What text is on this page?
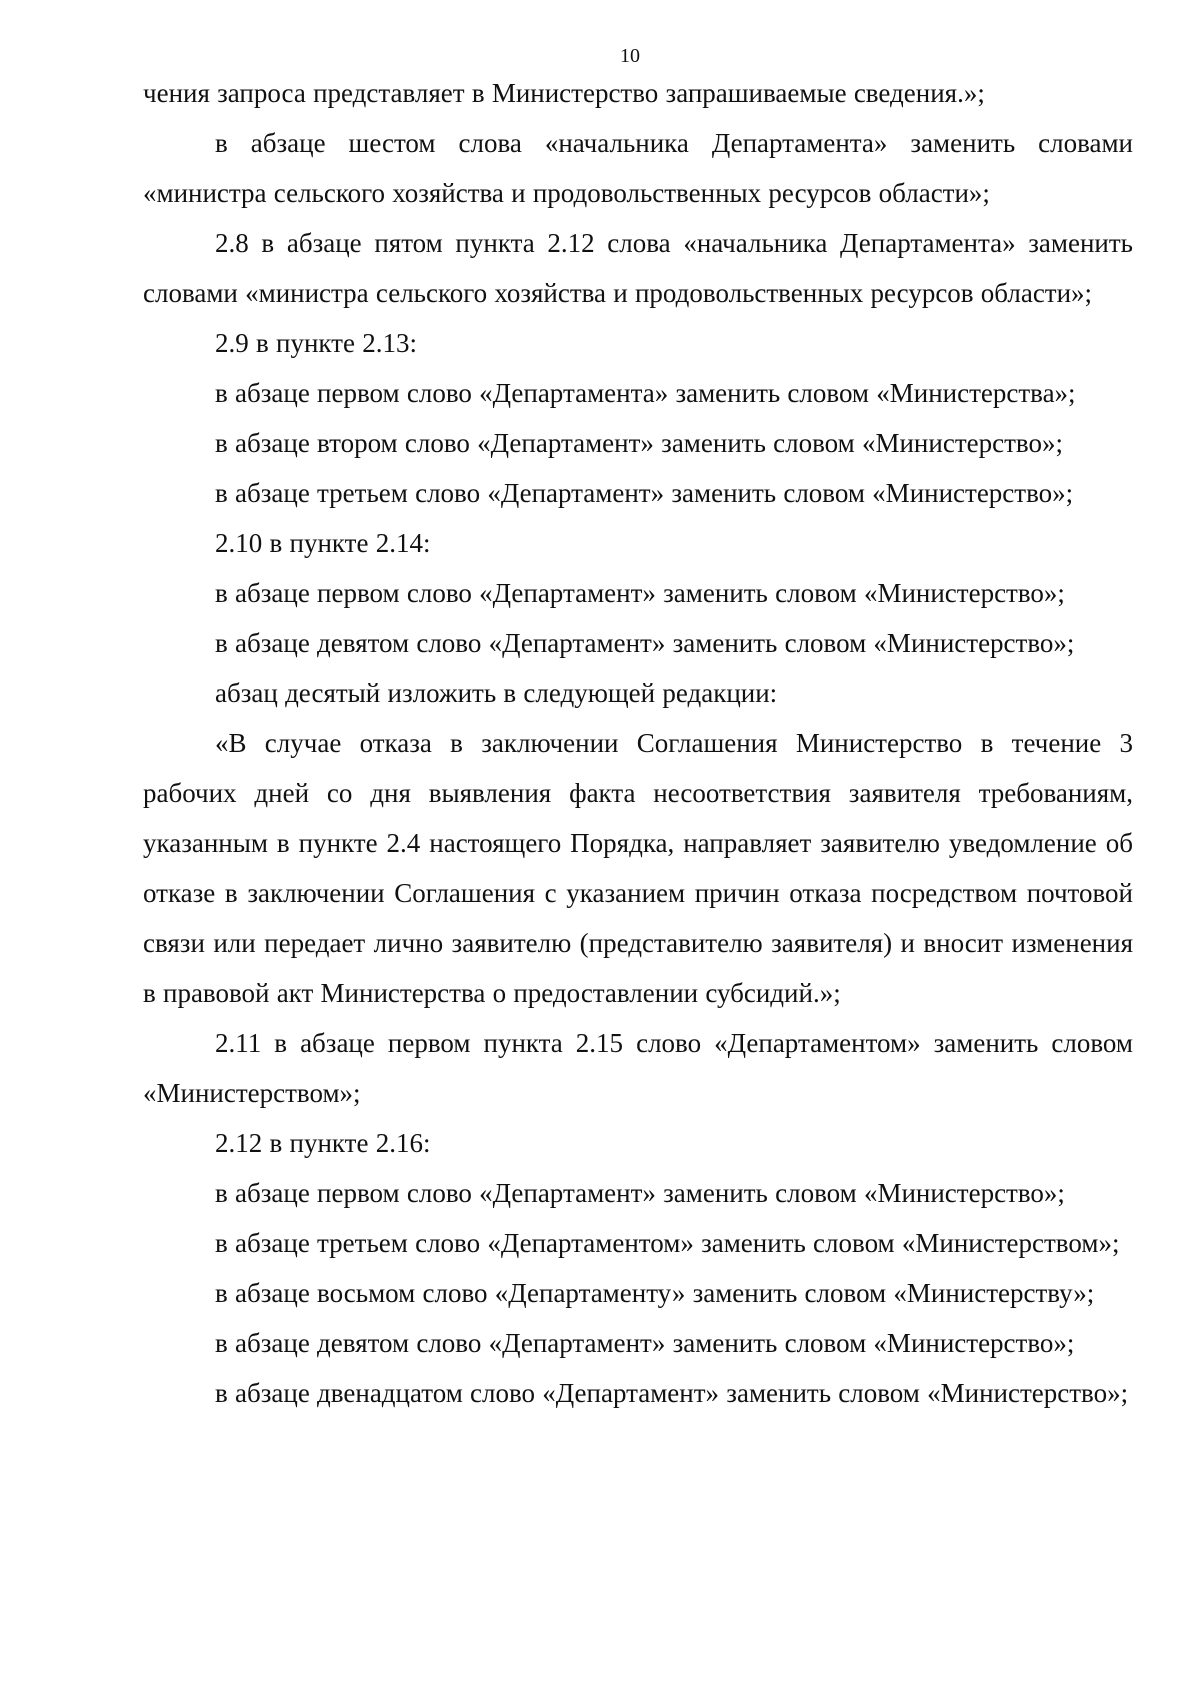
10

чения запроса представляет в Министерство запрашиваемые сведения.»;

в абзаце шестом слова «начальника Департамента» заменить словами «министра сельского хозяйства и продовольственных ресурсов области»;

2.8 в абзаце пятом пункта 2.12 слова «начальника Департамента» заменить словами «министра сельского хозяйства и продовольственных ресурсов области»;

2.9 в пункте 2.13:

в абзаце первом слово «Департамента» заменить словом «Министерства»;

в абзаце втором слово «Департамент» заменить словом «Министерство»;

в абзаце третьем слово «Департамент» заменить словом «Министерство»;

2.10 в пункте 2.14:

в абзаце первом слово «Департамент» заменить словом «Министерство»;

в абзаце девятом слово «Департамент» заменить словом «Министерство»;

абзац десятый изложить в следующей редакции:

«В случае отказа в заключении Соглашения Министерство в течение 3 рабочих дней со дня выявления факта несоответствия заявителя требованиям, указанным в пункте 2.4 настоящего Порядка, направляет заявителю уведомление об отказе в заключении Соглашения с указанием причин отказа посредством почтовой связи или передает лично заявителю (представителю заявителя) и вносит изменения в правовой акт Министерства о предоставлении субсидий.»;

2.11 в абзаце первом пункта 2.15 слово «Департаментом» заменить словом «Министерством»;

2.12 в пункте 2.16:

в абзаце первом слово «Департамент» заменить словом «Министерство»;

в абзаце третьем слово «Департаментом» заменить словом «Министерством»;

в абзаце восьмом слово «Департаменту» заменить словом «Министерству»;

в абзаце девятом слово «Департамент» заменить словом «Министерство»;

в абзаце двенадцатом слово «Департамент» заменить словом «Министерство»;
